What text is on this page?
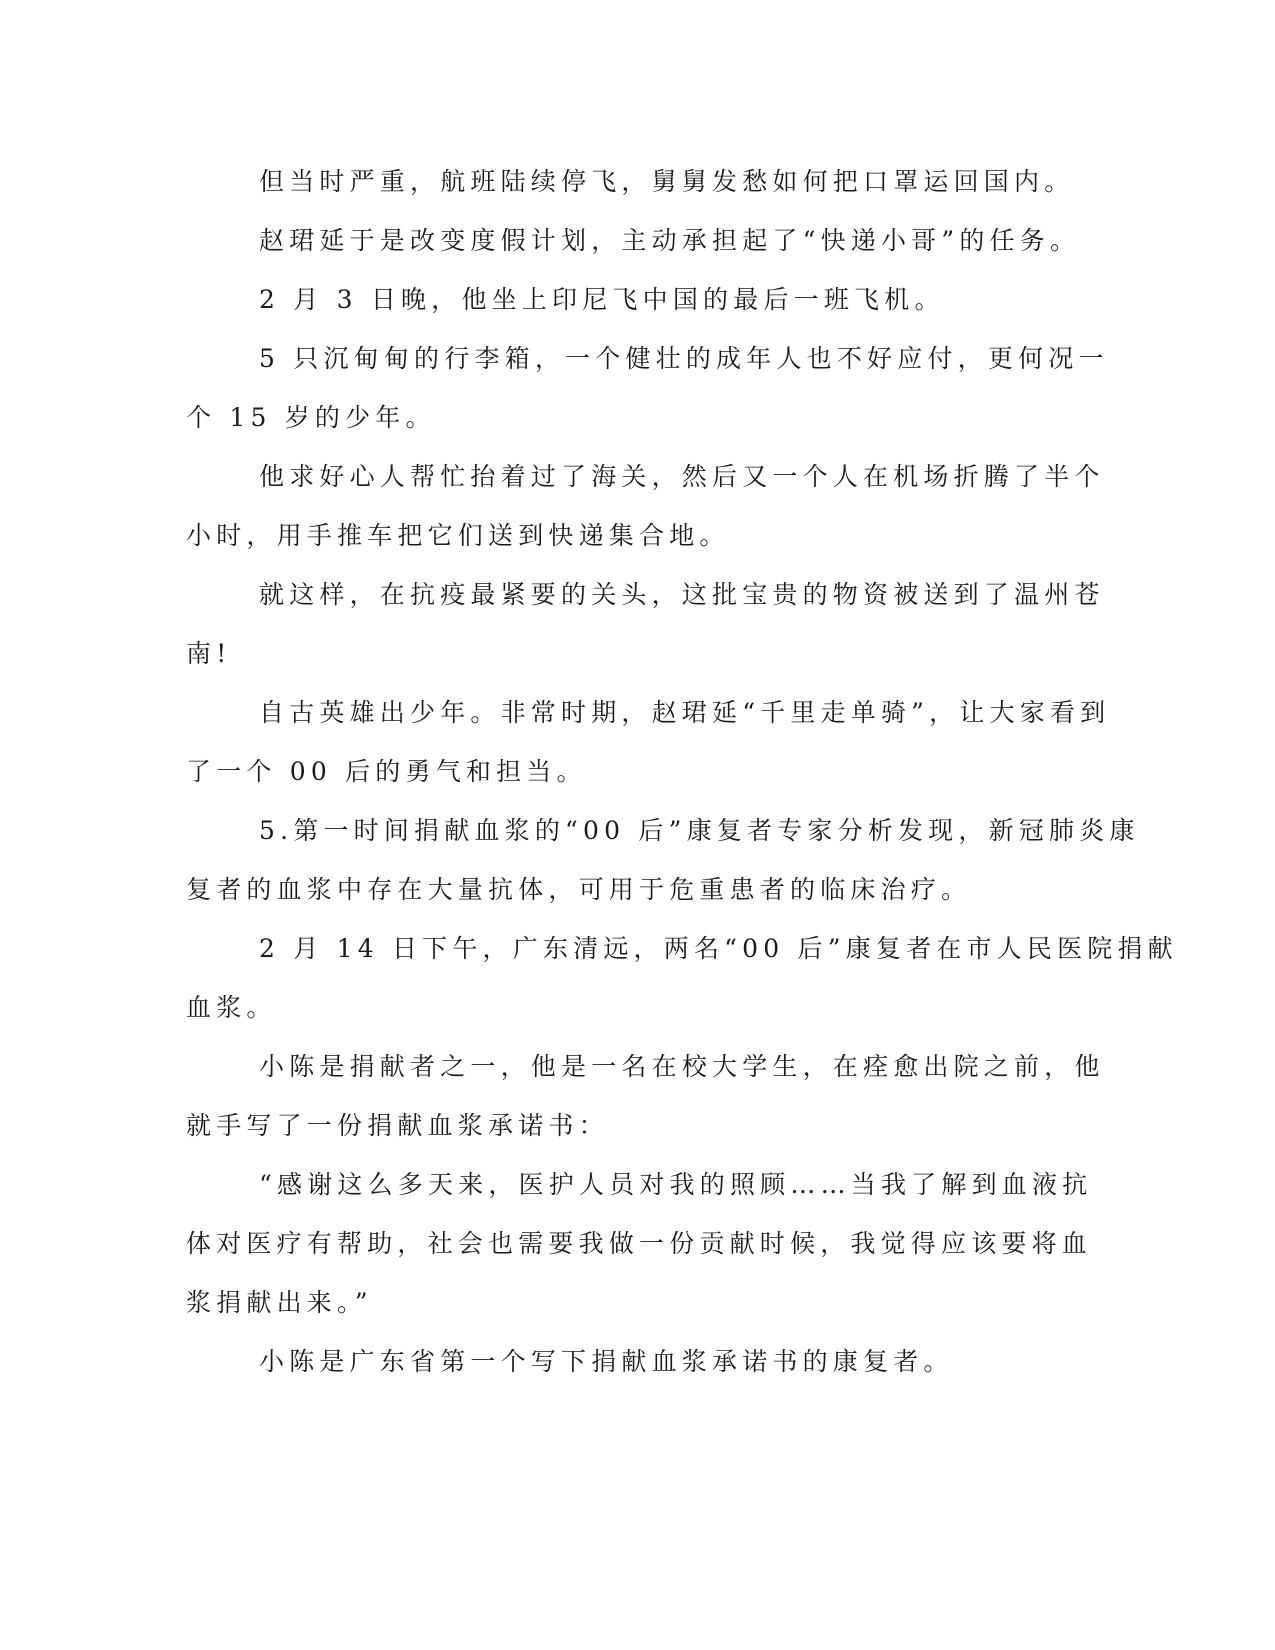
但当时严重，航班陆续停飞，舅舅发愁如何把口罩运回国内。
赵珺延于是改变度假计划，主动承担起了“快递小哥”的任务。
2 月 3 日晚，他坐上印尼飞中国的最后一班飞机。
5 只沉甸甸的行李箱，一个健壮的成年人也不好应付，更何况一
个 15 岁的少年。
他求好心人帮忙抬着过了海关，然后又一个人在机场折腾了半个
小时，用手推车把它们送到快递集合地。
就这样，在抗疫最紧要的关头，这批宝贵的物资被送到了温州苍
南!
自古英雄出少年。非常时期，赵珺延“千里走单骑”，让大家看到
了一个 00 后的勇气和担当。
5.第一时间捐献血浆的“00 后”康复者专家分析发现，新冠肺炎康
复者的血浆中存在大量抗体，可用于危重患者的临床治疗。
2 月 14 日下午，广东清远，两名“00 后”康复者在市人民医院捐献
血浆。
小陈是捐献者之一，他是一名在校大学生，在痊愈出院之前，他
就手写了一份捐献血浆承诺书：
“感谢这么多天来，医护人员对我的照顾……当我了解到血液抗
体对医疗有帮助，社会也需要我做一份贡献时候，我觉得应该要将血
浆捐献出来。”
小陈是广东省第一个写下捐献血浆承诺书的康复者。
